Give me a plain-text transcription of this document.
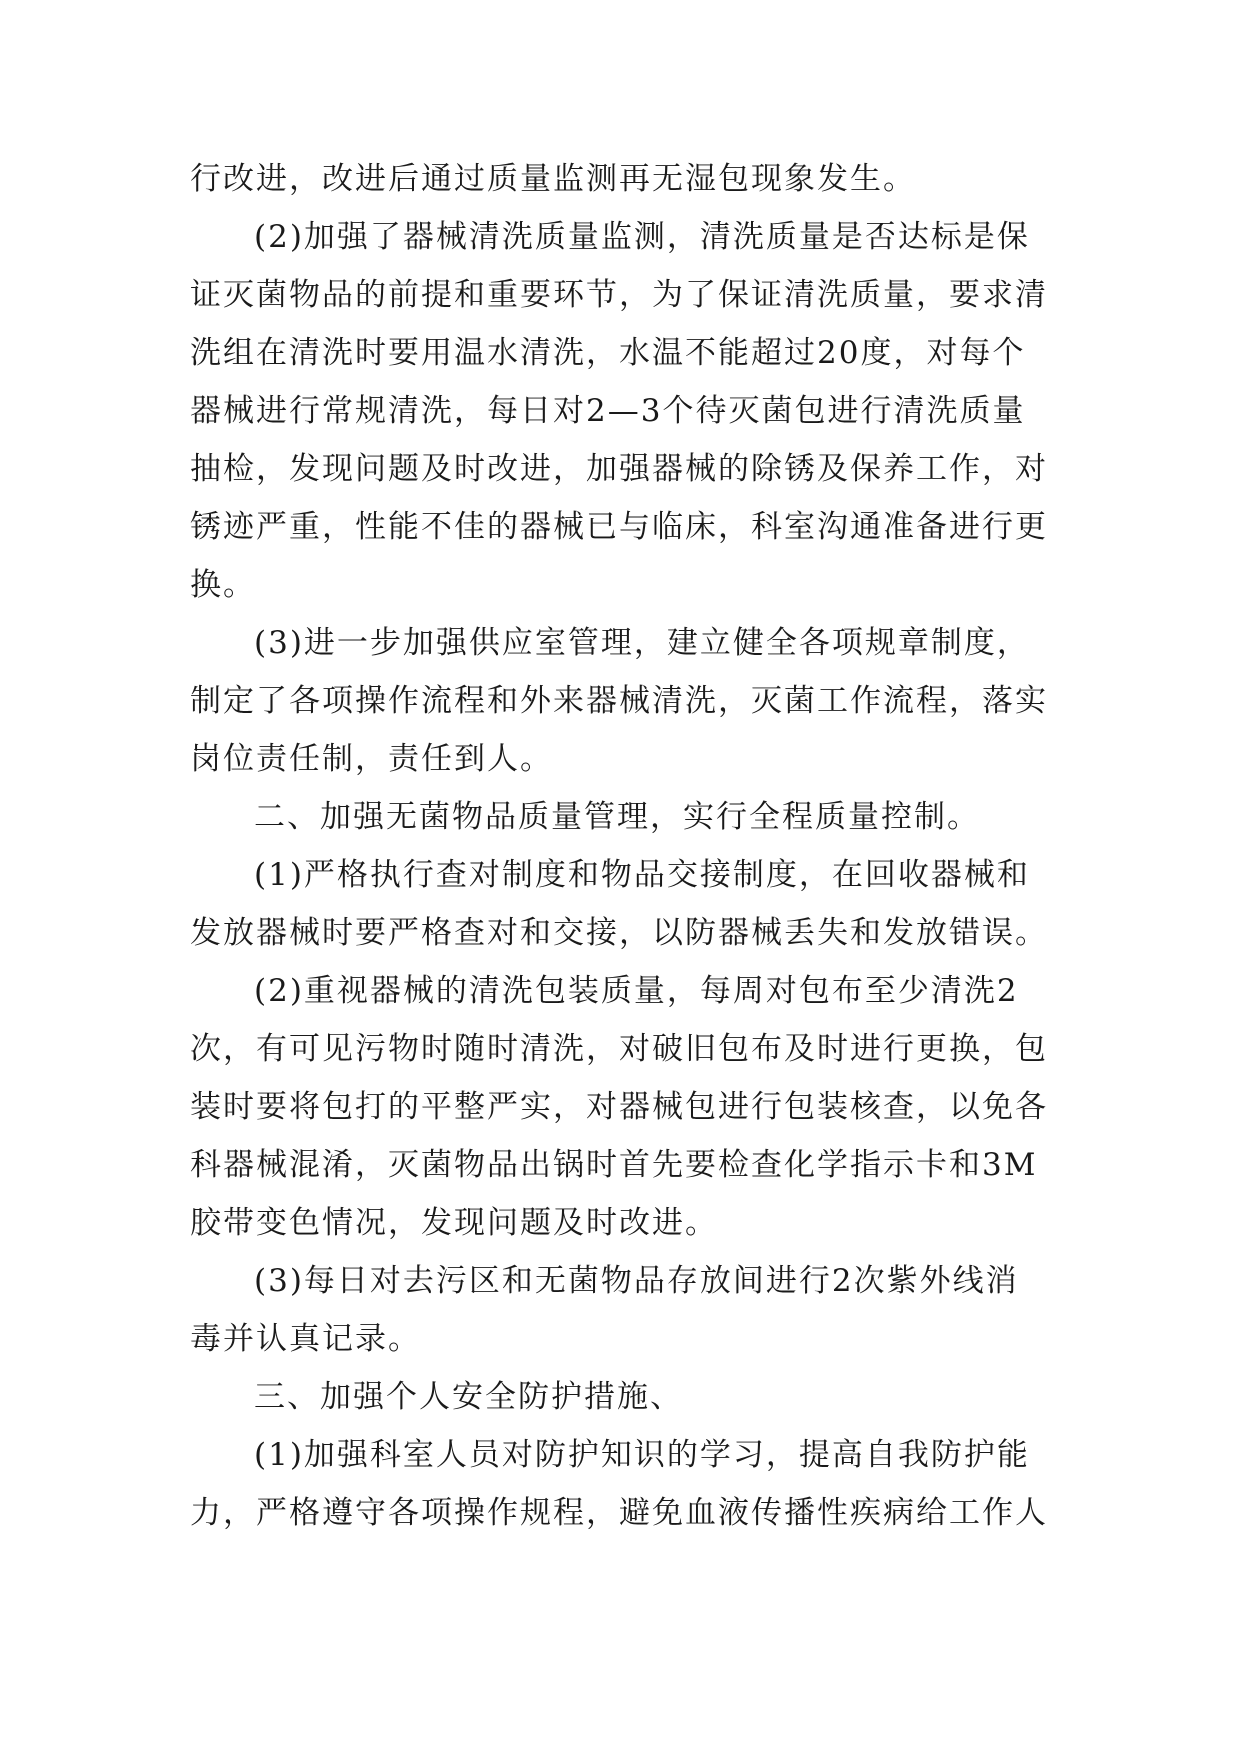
行改进，改进后通过质量监测再无湿包现象发生。
(2)加强了器械清洗质量监测，清洗质量是否达标是保
证灭菌物品的前提和重要环节，为了保证清洗质量，要求清
洗组在清洗时要用温水清洗，水温不能超过20度，对每个
器械进行常规清洗，每日对2—3个待灭菌包进行清洗质量
抽检，发现问题及时改进，加强器械的除锈及保养工作，对
锈迹严重，性能不佳的器械已与临床，科室沟通准备进行更
换。
(3)进一步加强供应室管理，建立健全各项规章制度，
制定了各项操作流程和外来器械清洗，灭菌工作流程，落实
岗位责任制，责任到人。
二、加强无菌物品质量管理，实行全程质量控制。
(1)严格执行查对制度和物品交接制度，在回收器械和
发放器械时要严格查对和交接，以防器械丢失和发放错误。
(2)重视器械的清洗包装质量，每周对包布至少清洗2
次，有可见污物时随时清洗，对破旧包布及时进行更换，包
装时要将包打的平整严实，对器械包进行包装核查，以免各
科器械混淆，灭菌物品出锅时首先要检查化学指示卡和3M
胶带变色情况，发现问题及时改进。
(3)每日对去污区和无菌物品存放间进行2次紫外线消
毒并认真记录。
三、加强个人安全防护措施、
(1)加强科室人员对防护知识的学习，提高自我防护能
力，严格遵守各项操作规程，避免血液传播性疾病给工作人
